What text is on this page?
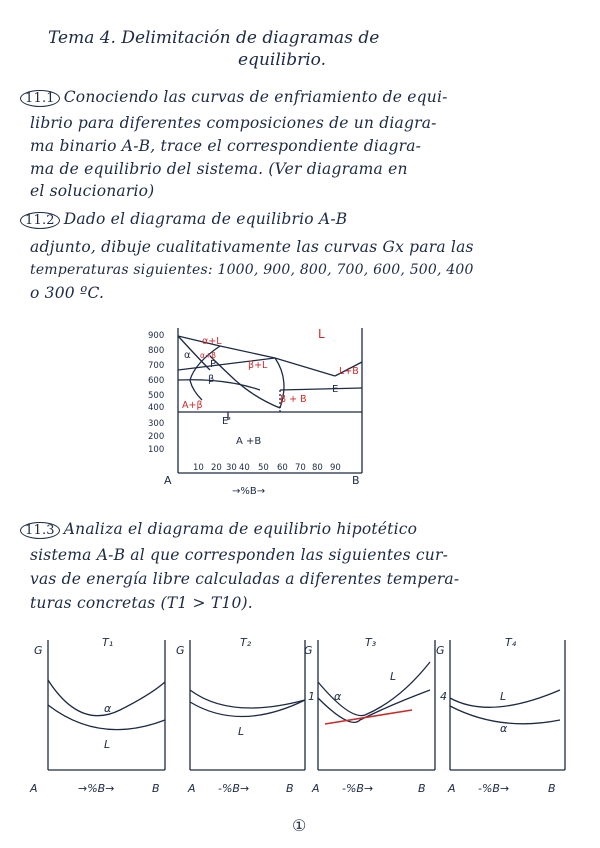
Tema 4. Delimitación de diagramas de
equilibrio.
11.1 Conociendo las curvas de enfriamiento de equi-
librio para diferentes composiciones de un diagra-
ma binario A-B, trace el correspondiente diagra-
ma de equilibrio del sistema. (Ver diagrama en
el solucionario)
11.2 Dado el diagrama de equilibrio A-B
adjunto, dibuje cualitativamente las curvas Gx para las
temperaturas siguientes: 1000, 900, 800, 700, 600, 500, 400
o 300 ºC.
900
800
700
600
500
400
300
200
100
10 20 30 40 50 60 70 80 90
A	B
→%B→
L
α+L
β+L
β + B
L+B
A+β
α+β
α
β
P
E
E'
A +B
11.3 Analiza el diagrama de equilibrio hipotético
sistema A-B al que corresponden las siguientes cur-
vas de energía libre calculadas a diferentes tempera-
turas concretas (T1 > T10).
T₁	T₂	T₃	T₄
G	G	G	G
α
L
L
L
α
1	L
α
4
A	→%B→	B	A -%B→	B A -%B→	B A -%B→	B
①
